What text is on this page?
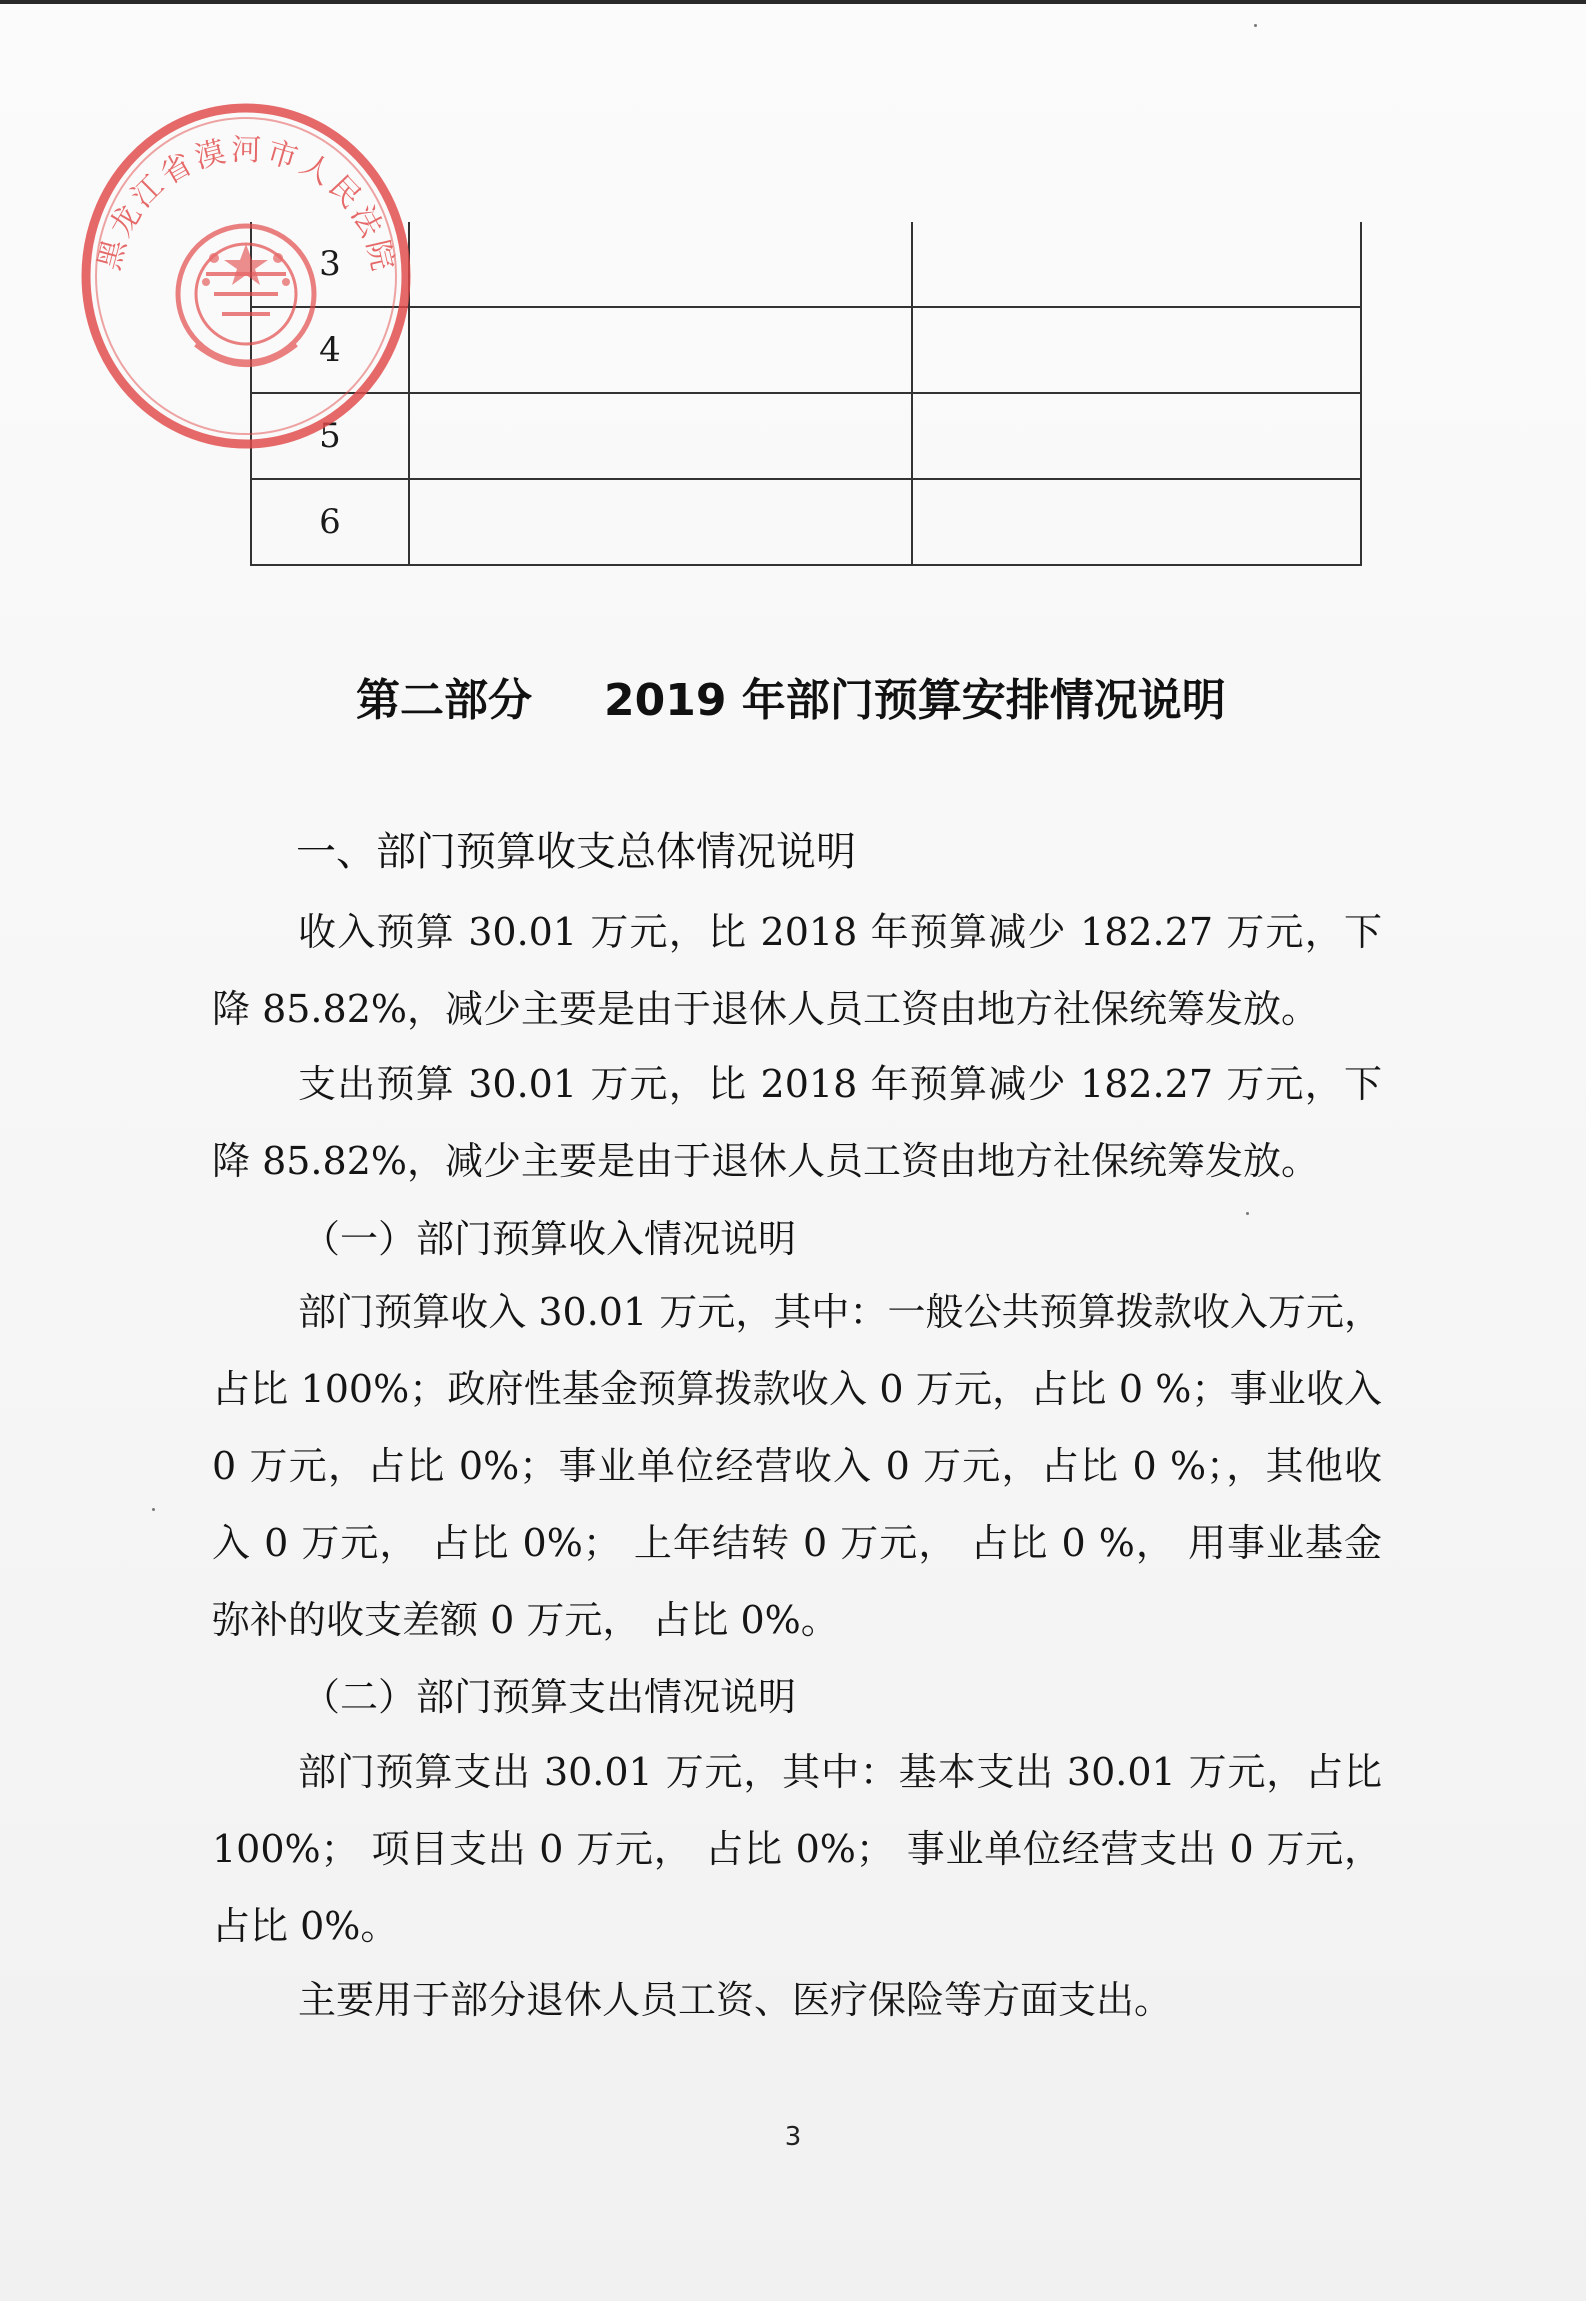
3		
4		
5		
6		
黑龙江省漠河市人民法院
第二部分 2019 年部门预算安排情况说明
一、部门预算收支总体情况说明

收入预算 30.01 万元，比 2018 年预算减少 182.27 万元，下降 85.82%，减少主要是由于退休人员工资由地方社保统筹发放。

支出预算 30.01 万元，比 2018 年预算减少 182.27 万元，下降 85.82%，减少主要是由于退休人员工资由地方社保统筹发放。

（一）部门预算收入情况说明

部门预算收入 30.01 万元，其中：一般公共预算拨款收入万元，占比 100%；政府性基金预算拨款收入 0 万元，占比 0 %；事业收入 0 万元，占比 0%；事业单位经营收入 0 万元，占比 0 %；，其他收入 0 万元， 占比 0%； 上年结转 0 万元， 占比 0 %， 用事业基金弥补的收支差额 0 万元， 占比 0%。

（二）部门预算支出情况说明

部门预算支出 30.01 万元，其中：基本支出 30.01 万元，占比 100%； 项目支出 0 万元， 占比 0%； 事业单位经营支出 0 万元，占比 0%。

主要用于部分退休人员工资、医疗保险等方面支出。

3
